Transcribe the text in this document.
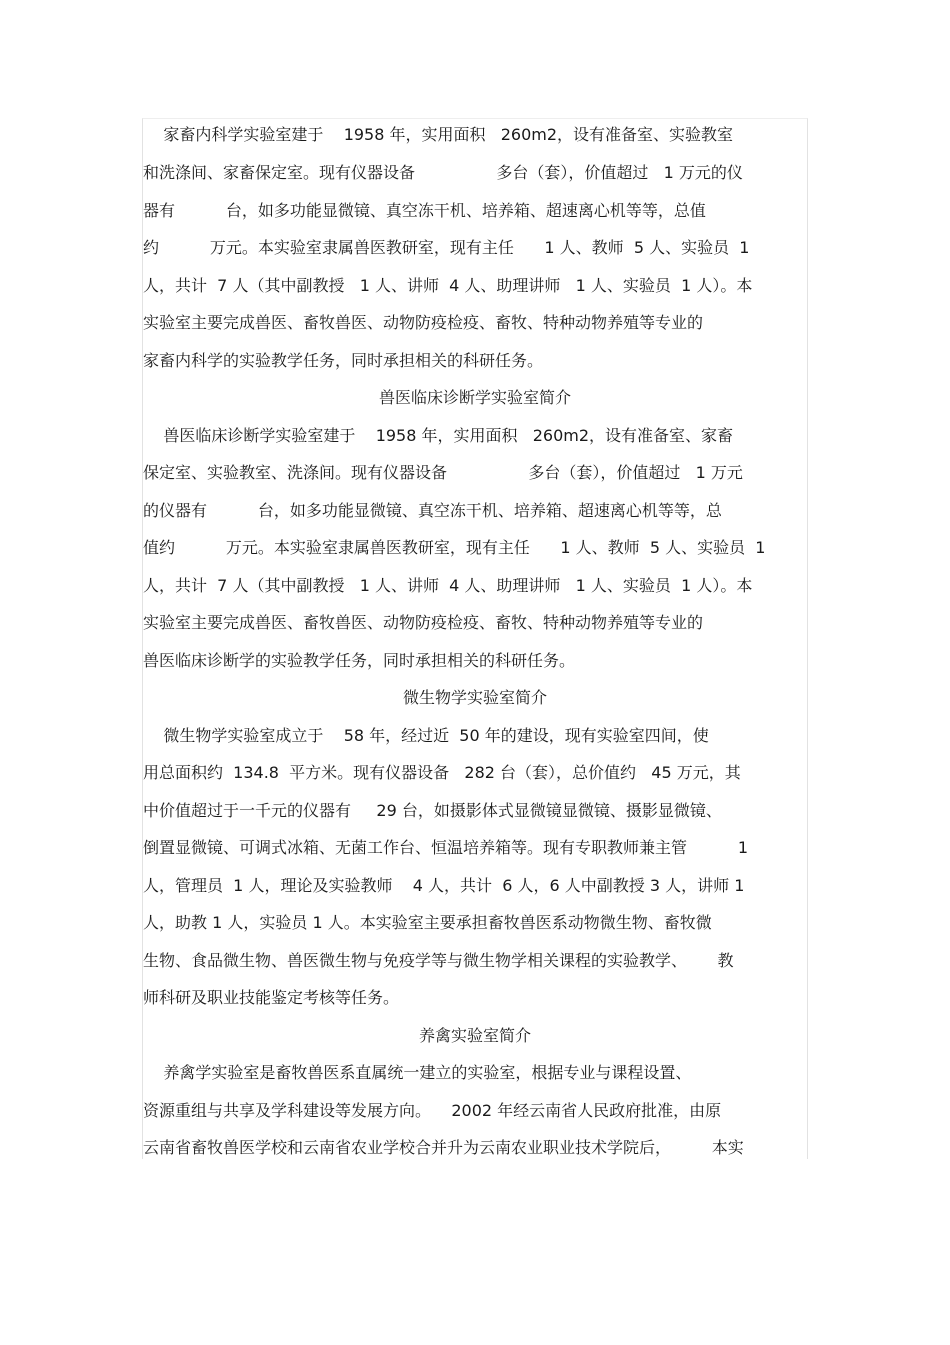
家畜内科学实验室建于    1958 年，实用面积   260m2，设有准备室、实验教室
和洗涤间、家畜保定室。现有仪器设备                多台（套），价值超过   1 万元的仪
器有          台，如多功能显微镜、真空冻干机、培养箱、超速离心机等等，总值
约          万元。本实验室隶属兽医教研室，现有主任      1 人、教师  5 人、实验员  1
人，共计  7 人（其中副教授   1 人、讲师  4 人、助理讲师   1 人、实验员  1 人）。本
实验室主要完成兽医、畜牧兽医、动物防疫检疫、畜牧、特种动物养殖等专业的
家畜内科学的实验教学任务，同时承担相关的科研任务。
兽医临床诊断学实验室简介
兽医临床诊断学实验室建于    1958 年，实用面积   260m2，设有准备室、家畜
保定室、实验教室、洗涤间。现有仪器设备                多台（套），价值超过   1 万元
的仪器有          台，如多功能显微镜、真空冻干机、培养箱、超速离心机等等，总
值约          万元。本实验室隶属兽医教研室，现有主任      1 人、教师  5 人、实验员  1
人，共计  7 人（其中副教授   1 人、讲师  4 人、助理讲师   1 人、实验员  1 人）。本
实验室主要完成兽医、畜牧兽医、动物防疫检疫、畜牧、特种动物养殖等专业的
兽医临床诊断学的实验教学任务，同时承担相关的科研任务。
微生物学实验室简介
微生物学实验室成立于    58 年，经过近  50 年的建设，现有实验室四间，使
用总面积约  134.8  平方米。现有仪器设备   282 台（套），总价值约   45 万元，其
中价值超过于一千元的仪器有     29 台，如摄影体式显微镜显微镜、摄影显微镜、
倒置显微镜、可调式冰箱、无菌工作台、恒温培养箱等。现有专职教师兼主管          1
人，管理员  1 人，理论及实验教师    4 人，共计  6 人，6 人中副教授 3 人，讲师 1
人，助教 1 人，实验员 1 人。本实验室主要承担畜牧兽医系动物微生物、畜牧微
生物、食品微生物、兽医微生物与免疫学等与微生物学相关课程的实验教学、      教
师科研及职业技能鉴定考核等任务。
养禽实验室简介
养禽学实验室是畜牧兽医系直属统一建立的实验室，根据专业与课程设置、
资源重组与共享及学科建设等发展方向。    2002 年经云南省人民政府批准，由原
云南省畜牧兽医学校和云南省农业学校合并升为云南农业职业技术学院后，        本实
